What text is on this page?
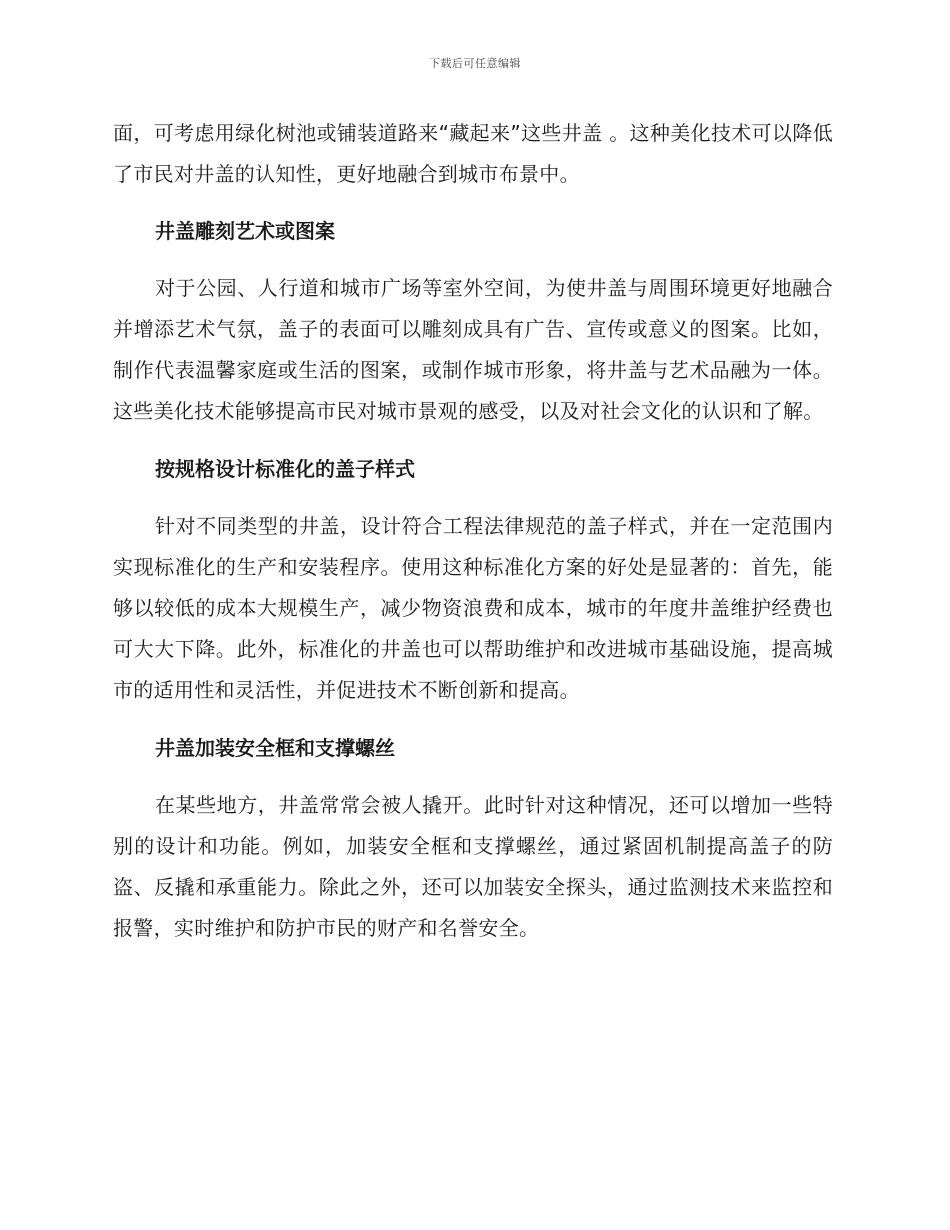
下载后可任意编辑

面，可考虑用绿化树池或铺装道路来“藏起来”这些井盖 。这种美化技术可以降低了市民对井盖的认知性，更好地融合到城市布景中。

井盖雕刻艺术或图案

对于公园、人行道和城市广场等室外空间，为使井盖与周围环境更好地融合并增添艺术气氛，盖子的表面可以雕刻成具有广告、宣传或意义的图案。比如，制作代表温馨家庭或生活的图案，或制作城市形象，将井盖与艺术品融为一体。这些美化技术能够提高市民对城市景观的感受，以及对社会文化的认识和了解。

按规格设计标准化的盖子样式

针对不同类型的井盖，设计符合工程法律规范的盖子样式，并在一定范围内实现标准化的生产和安装程序。使用这种标准化方案的好处是显著的：首先，能够以较低的成本大规模生产，减少物资浪费和成本，城市的年度井盖维护经费也可大大下降。此外，标准化的井盖也可以帮助维护和改进城市基础设施，提高城市的适用性和灵活性，并促进技术不断创新和提高。

井盖加装安全框和支撑螺丝

在某些地方，井盖常常会被人撬开。此时针对这种情况，还可以增加一些特别的设计和功能。例如，加装安全框和支撑螺丝，通过紧固机制提高盖子的防盗、反撬和承重能力。除此之外，还可以加装安全探头，通过监测技术来监控和报警，实时维护和防护市民的财产和名誉安全。
